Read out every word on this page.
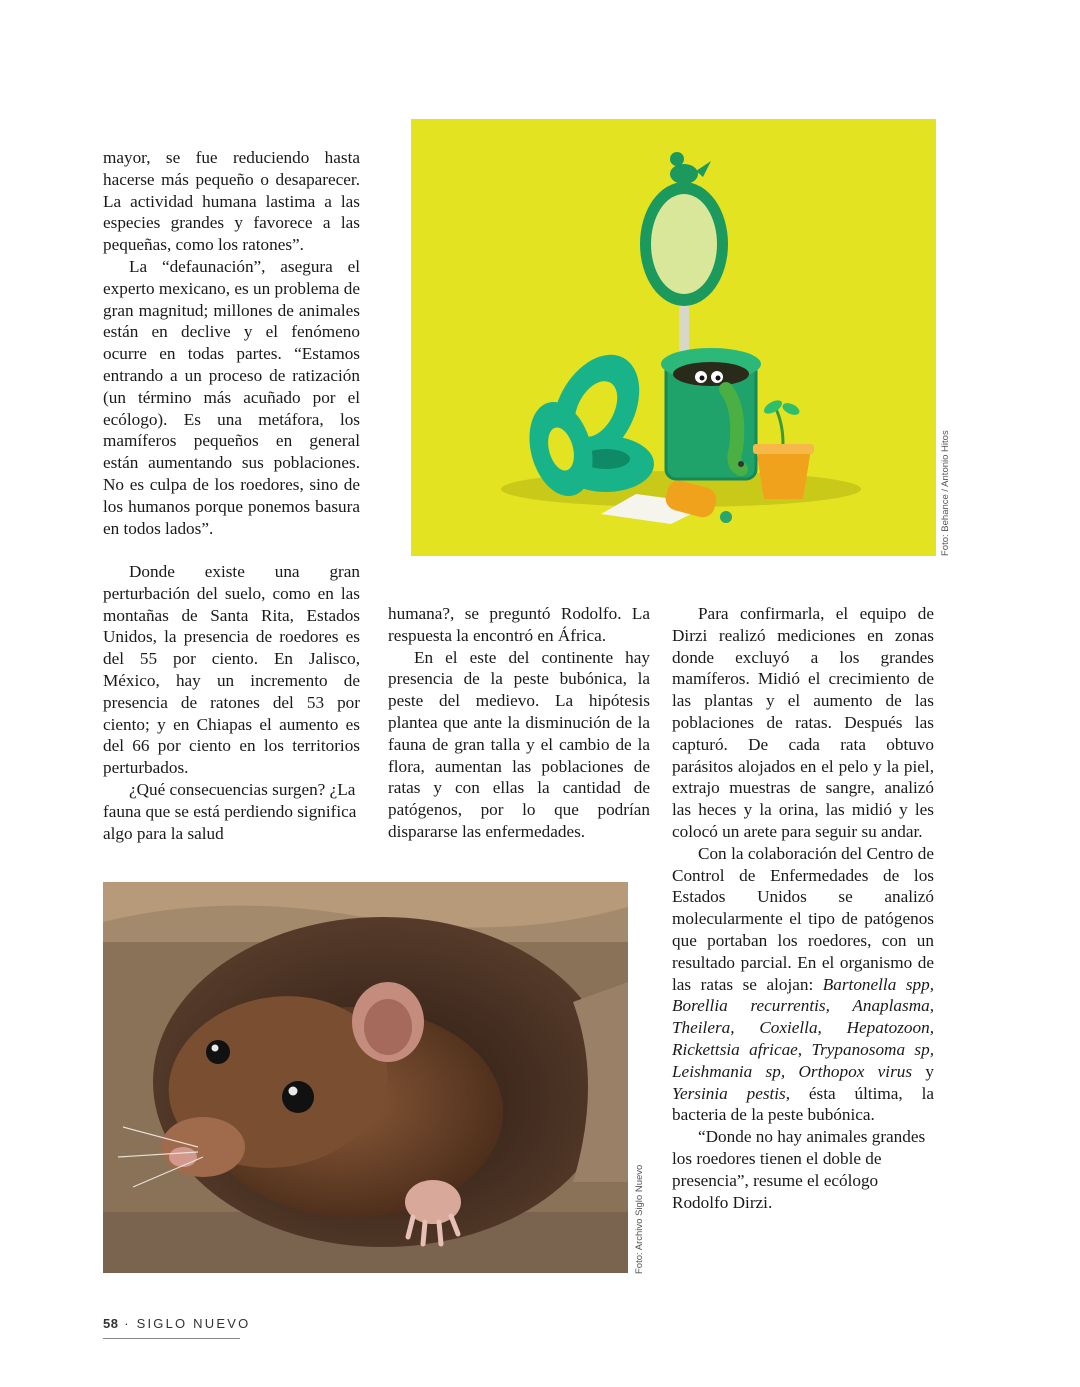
mayor, se fue reduciendo hasta hacerse más pequeño o desaparecer. La actividad humana lastima a las especies grandes y favorece a las pequeñas, como los ratones”.

La “defaunación”, asegura el experto mexicano, es un problema de gran magnitud; millones de animales están en declive y el fenómeno ocurre en todas partes. “Estamos entrando a un proceso de ratización (un término más acuñado por el ecólogo). Es una metáfora, los mamíferos pequeños en general están aumentando sus poblaciones. No es culpa de los roedores, sino de los humanos porque ponemos basura en todos lados”.

Donde existe una gran perturbación del suelo, como en las montañas de Santa Rita, Estados Unidos, la presencia de roedores es del 55 por ciento. En Jalisco, México, hay un incremento de presencia de ratones del 53 por ciento; y en Chiapas el aumento es del 66 por ciento en los territorios perturbados.

¿Qué consecuencias surgen? ¿La fauna que se está perdiendo significa algo para la salud

humana?, se preguntó Rodolfo. La respuesta la encontró en África.

En el este del continente hay presencia de la peste bubónica, la peste del medievo. La hipótesis plantea que ante la disminución de la fauna de gran talla y el cambio de la flora, aumentan las poblaciones de ratas y con ellas la cantidad de patógenos, por lo que podrían dispararse las enfermedades.

Para confirmarla, el equipo de Dirzi realizó mediciones en zonas donde excluyó a los grandes mamíferos. Midió el crecimiento de las plantas y el aumento de las poblaciones de ratas. Después las capturó. De cada rata obtuvo parásitos alojados en el pelo y la piel, extrajo muestras de sangre, analizó las heces y la orina, las midió y les colocó un arete para seguir su andar.

Con la colaboración del Centro de Control de Enfermedades de los Estados Unidos se analizó molecularmente el tipo de patógenos que portaban los roedores, con un resultado parcial. En el organismo de las ratas se alojan: Bartonella spp, Borellia recurrentis, Anaplasma, Theilera, Coxiella, Hepatozoon, Rickettsia africae, Trypanosoma sp, Leishmania sp, Orthopox virus y Yersinia pestis, ésta última, la bacteria de la peste bubónica.

“Donde no hay animales grandes los roedores tienen el doble de presencia”, resume el ecólogo Rodolfo Dirzi.

Foto: Behance / Antonio Hitos
Foto: Archivo Siglo Nuevo
58 · SIGLO NUEVO
